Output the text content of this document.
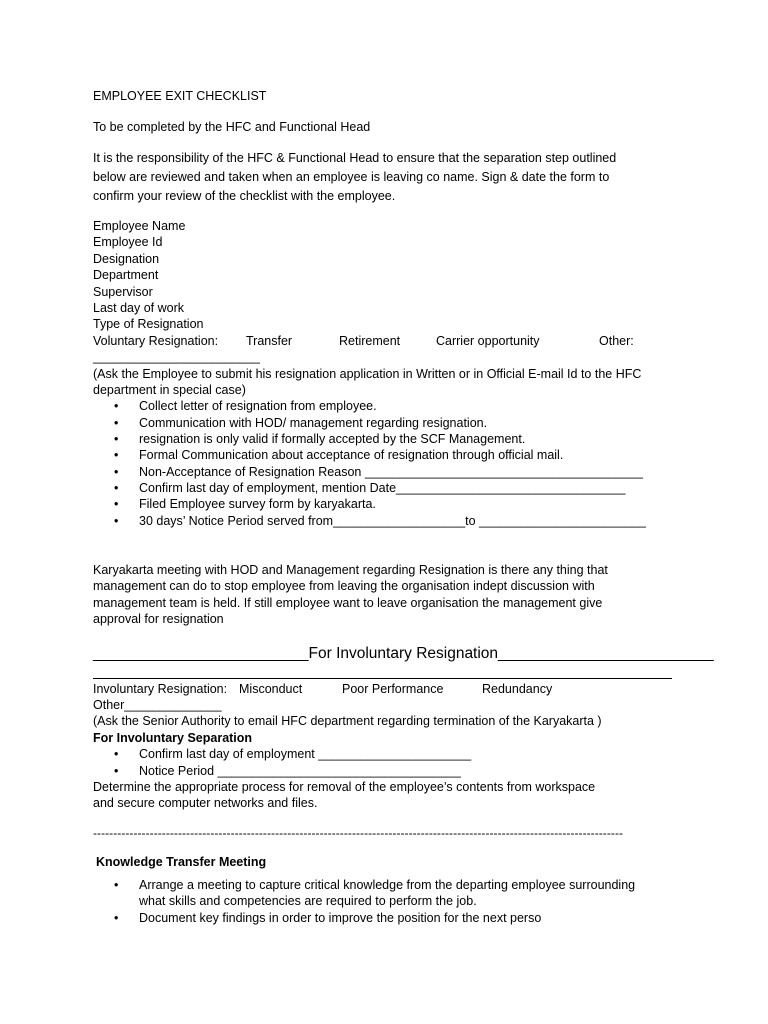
EMPLOYEE EXIT CHECKLIST
To be completed by the HFC and Functional Head
It is the responsibility of the HFC & Functional Head to ensure that the separation step outlined
below are reviewed and taken when an employee is leaving co name. Sign & date the form to
confirm your review of the checklist with the employee.
Employee Name
Employee Id
Designation
Department
Supervisor
Last day of work
Type of Resignation

Voluntary Resignation:

Transfer

	Retirement

	Carrier opportunity

	Other:

________________________
(Ask the Employee to submit his resignation application in Written or in Official E-mail Id to the HFC
department in special case)
• Collect letter of resignation from employee.
• Communication with HOD/ management regarding resignation.
• resignation is only valid if formally accepted by the SCF Management.
• Formal Communication about acceptance of resignation through official mail.
• Non-Acceptance of Resignation Reason ________________________________________
• Confirm last day of employment, mention Date_________________________________
• Filed Employee survey form by karyakarta.
• 30 days’ Notice Period served from___________________to ________________________
Karyakarta meeting with HOD and Management regarding Resignation is there any thing that
management can do to stop employee from leaving the organisation indept discussion with
management team is held. If still employee want to leave organisation the management give
approval for resignation
_________________________For Involuntary Resignation_________________________

Involuntary Resignation:

Misconduct

	Poor Performance

	Redundancy

Other______________
(Ask the Senior Authority to email HFC department regarding termination of the Karyakarta )
For Involuntary Separation
• Confirm last day of employment ______________________
• Notice Period ___________________________________
Determine the appropriate process for removal of the employee’s contents from workspace
and secure computer networks and files.
-----------------------------------------------------------------------------------------------------------------------------------
Knowledge Transfer Meeting
• Arrange a meeting to capture critical knowledge from the departing employee surrounding
what skills and competencies are required to perform the job.
• Document key findings in order to improve the position for the next perso
